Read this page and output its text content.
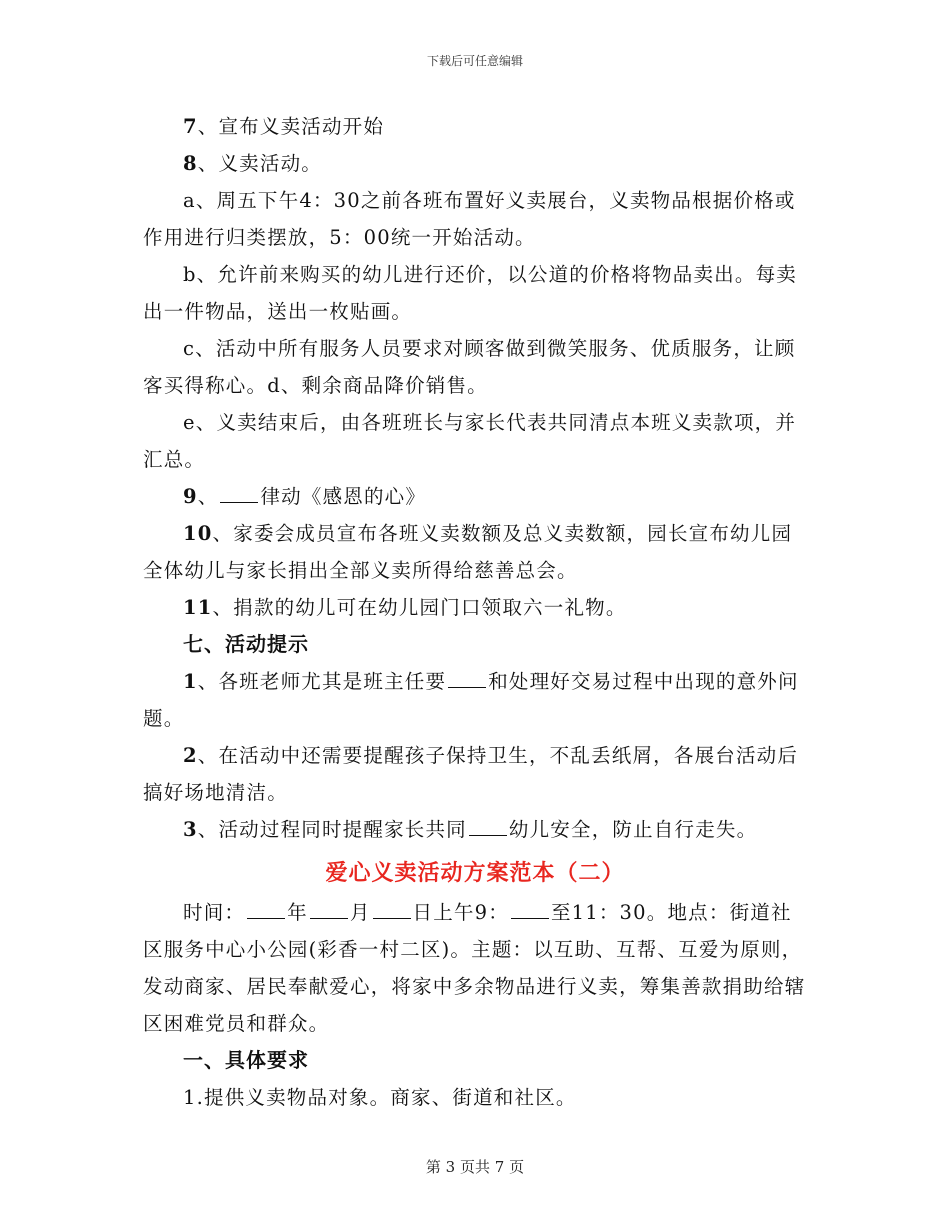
下载后可任意编辑

7、宣布义卖活动开始

8、义卖活动。

a、周五下午4：30之前各班布置好义卖展台，义卖物品根据价格或作用进行归类摆放，5：00统一开始活动。

b、允许前来购买的幼儿进行还价，以公道的价格将物品卖出。每卖出一件物品，送出一枚贴画。

c、活动中所有服务人员要求对顾客做到微笑服务、优质服务，让顾客买得称心。d、剩余商品降价销售。

e、义卖结束后，由各班班长与家长代表共同清点本班义卖款项，并汇总。

9、 律动《感恩的心》

10、家委会成员宣布各班义卖数额及总义卖数额，园长宣布幼儿园全体幼儿与家长捐出全部义卖所得给慈善总会。

11、捐款的幼儿可在幼儿园门口领取六一礼物。

七、活动提示

1、各班老师尤其是班主任要 和处理好交易过程中出现的意外问题。

2、在活动中还需要提醒孩子保持卫生，不乱丢纸屑，各展台活动后搞好场地清洁。

3、活动过程同时提醒家长共同 幼儿安全，防止自行走失。

爱心义卖活动方案范本（二）

时间： 年 月 日上午9： 至11：30。地点：街道社区服务中心小公园(彩香一村二区)。主题：以互助、互帮、互爱为原则，发动商家、居民奉献爱心，将家中多余物品进行义卖，筹集善款捐助给辖区困难党员和群众。

一、具体要求

1.提供义卖物品对象。商家、街道和社区。

第 3 页共 7 页
